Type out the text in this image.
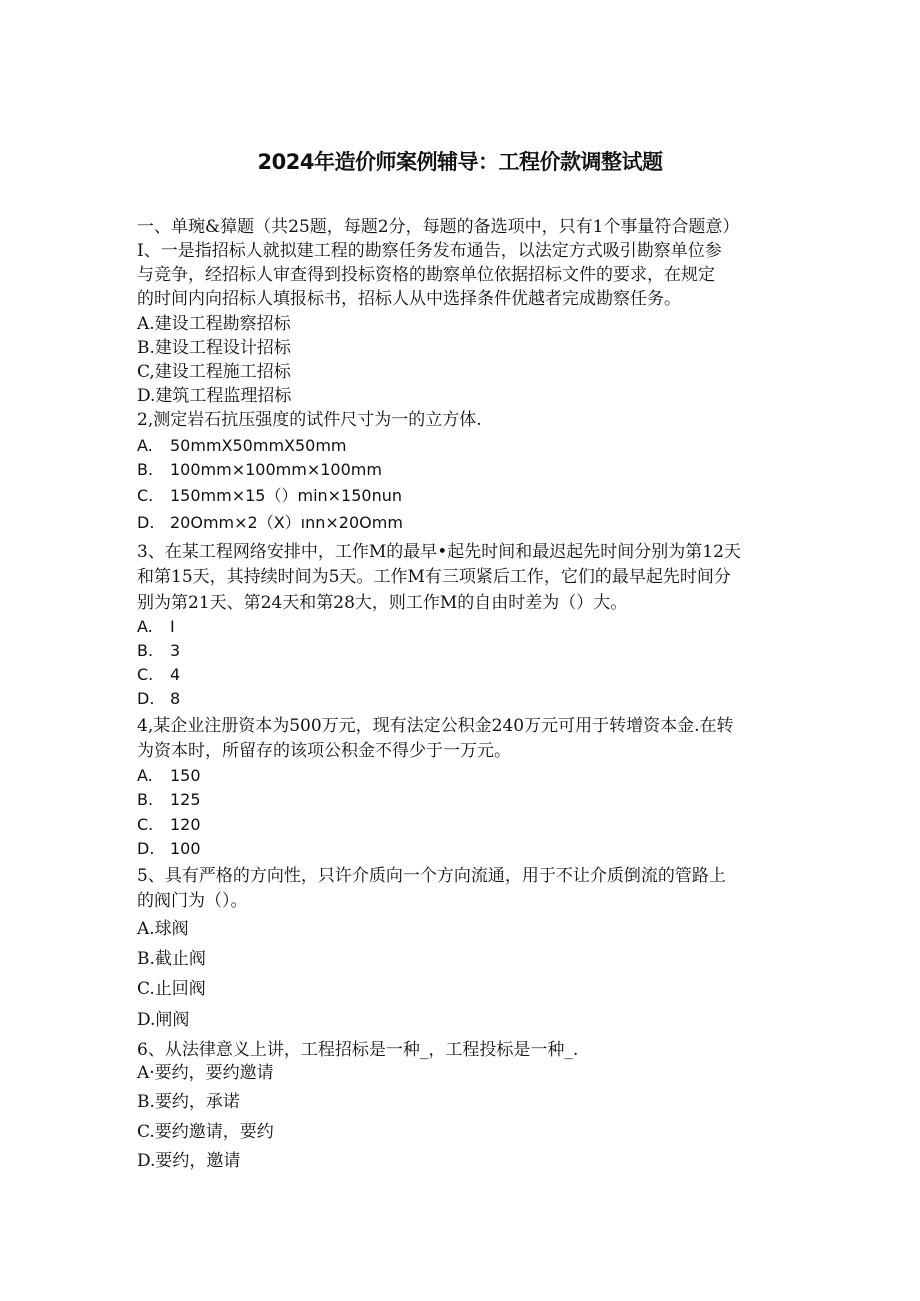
2024年造价师案例辅导：工程价款调整试题
一、单琬&獐题（共25题，每题2分，每题的备选项中，只有1个事量符合题意）
I、一是指招标人就拟建工程的勘察任务发布通告，以法定方式吸引勘察单位参
与竞争，经招标人审查得到投标资格的勘察单位依据招标文件的要求，在规定
的时间内向招标人填报标书，招标人从中选择条件优越者完成勘察任务。
A.建设工程勘察招标
B.建设工程设计招标
C,建设工程施工招标
D.建筑工程监理招标
2,测定岩石抗压强度的试件尺寸为一的立方体.
A. 50mmX50mmX50mm
B. 100mm×100mm×100mm
C. 150mm×15（）min×150nun
D. 20Omm×2（X）ınn×20Omm
3、在某工程网络安排中，工作M的最早•起先时间和最迟起先时间分别为第12天
和第15天，其持续时间为5天。工作M有三项紧后工作，它们的最早起先时间分
别为第21天、第24天和第28大，则工作M的自由时差为（）大。
A. I
B. 3
C. 4
D. 8
4,某企业注册资本为500万元，现有法定公积金240万元可用于转增资本金.在转
为资本时，所留存的该项公积金不得少于一万元。
A. 150
B. 125
C. 120
D. 100
5、具有严格的方向性，只许介质向一个方向流通，用于不让介质倒流的管路上
的阀门为（）。
A.球阀
B.截止阀
C.止回阀
D.闸阀
6、从法律意义上讲，工程招标是一种_，工程投标是一种_.
A·要约，要约邀请
B.要约，承诺
C.要约邀请，要约
D.要约，邀请
